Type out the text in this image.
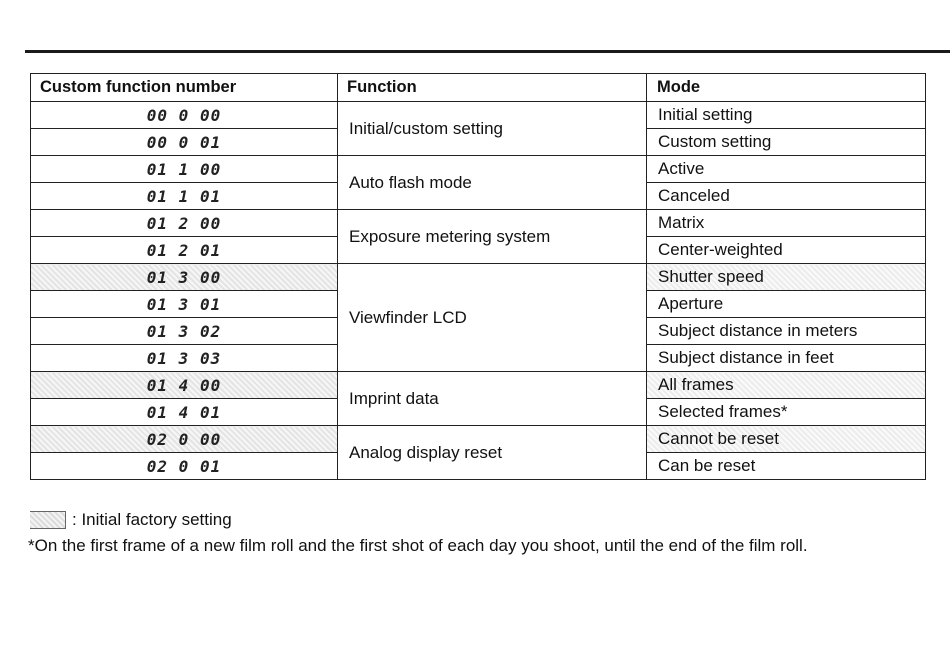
Custom function number	Function	Mode
00 0 00	Initial/custom setting	Initial setting
00 0 01		Custom setting
01 1 00	Auto flash mode	Active
01 1 01		Canceled
01 2 00	Exposure metering system	Matrix
01 2 01		Center-weighted
01 3 00	Viewfinder LCD	Shutter speed
01 3 01		Aperture
01 3 02		Subject distance in meters
01 3 03		Subject distance in feet
01 4 00	Imprint data	All frames
01 4 01		Selected frames*
02 0 00	Analog display reset	Cannot be reset
02 0 01		Can be reset
: Initial factory setting
*On the first frame of a new film roll and the first shot of each day you shoot, until the end of the film roll.
